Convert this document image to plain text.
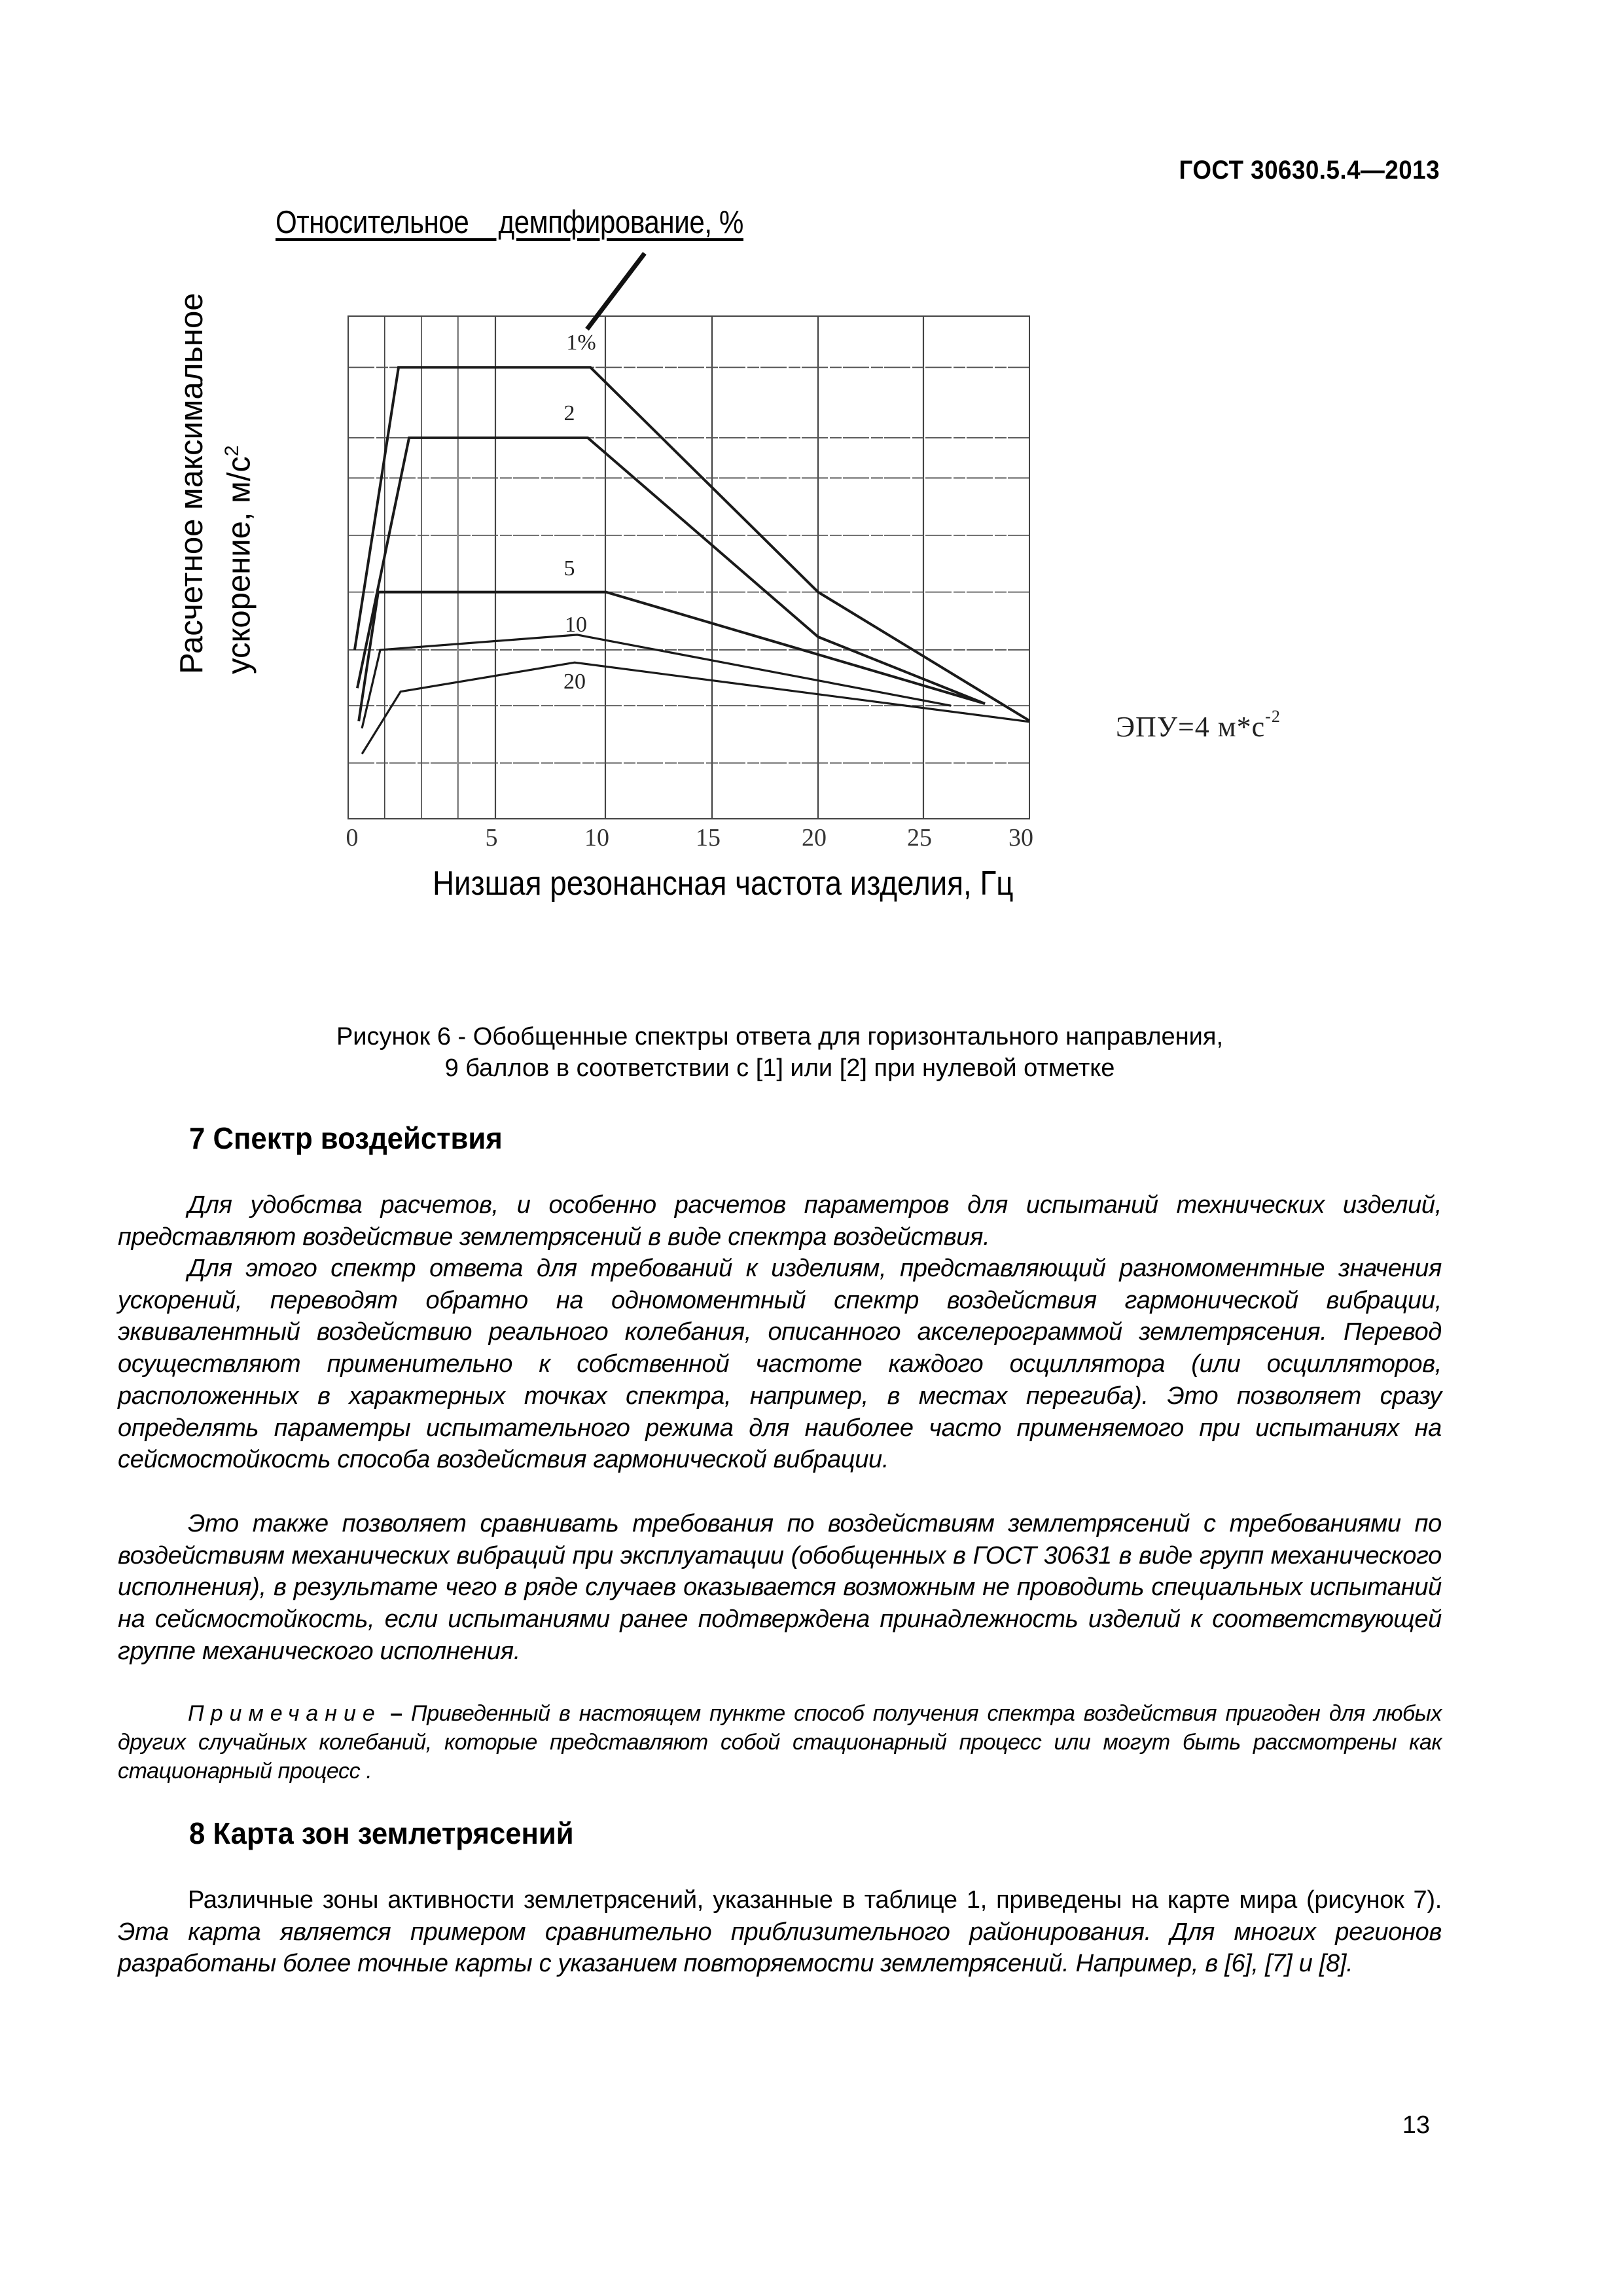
ГОСТ 30630.5.4—2013
Относительное    демпфирование, %
Расчетное максимальное ускорение, $м/с^2$
0	5	10	15	20	25	30
1%
2
5
10
20
ЭПУ=4 $м*с^{-2}$
Низшая резонансная частота изделия, Гц
Рисунок 6 - Обобщенные спектры ответа для горизонтального направления,
9 баллов в соответствии с [1] или [2] при нулевой отметке
7 Спектр воздействия

Для удобства расчетов, и особенно расчетов параметров для испытаний технических изделий, представляют воздействие землетрясений в виде спектра воздействия.

Для этого спектр ответа для требований к изделиям, представляющий разномоментные значения ускорений, переводят обратно на одномоментный спектр воздействия гармонической вибрации, эквивалентный воздействию реального колебания, описанного акселерограммой землетрясения. Перевод осуществляют применительно к собственной частоте каждого осциллятора (или осцилляторов, расположенных в характерных точках спектра, например, в местах перегиба). Это позволяет сразу определять параметры испытательного режима для наиболее часто применяемого при испытаниях на сейсмостойкость способа воздействия гармонической вибрации.

Это также позволяет сравнивать требования по воздействиям землетрясений с требованиями по воздействиям механических вибраций при эксплуатации (обобщенных в ГОСТ 30631 в виде групп механического исполнения), в результате чего в ряде случаев оказывается возможным не проводить специальных испытаний на сейсмостойкость, если испытаниями ранее подтверждена принадлежность изделий к соответствующей группе механического исполнения.

Примечание – Приведенный в настоящем пункте способ получения спектра воздействия пригоден для любых других случайных колебаний, которые представляют собой стационарный процесс или могут быть рассмотрены как стационарный процесс .

8 Карта зон землетрясений

Различные зоны активности землетрясений, указанные в таблице 1, приведены на карте мира (рисунок 7). Эта карта является примером сравнительно приблизительного районирования. Для многих регионов разработаны более точные карты с указанием повторяемости землетрясений. Например, в [6], [7] и [8].

13
